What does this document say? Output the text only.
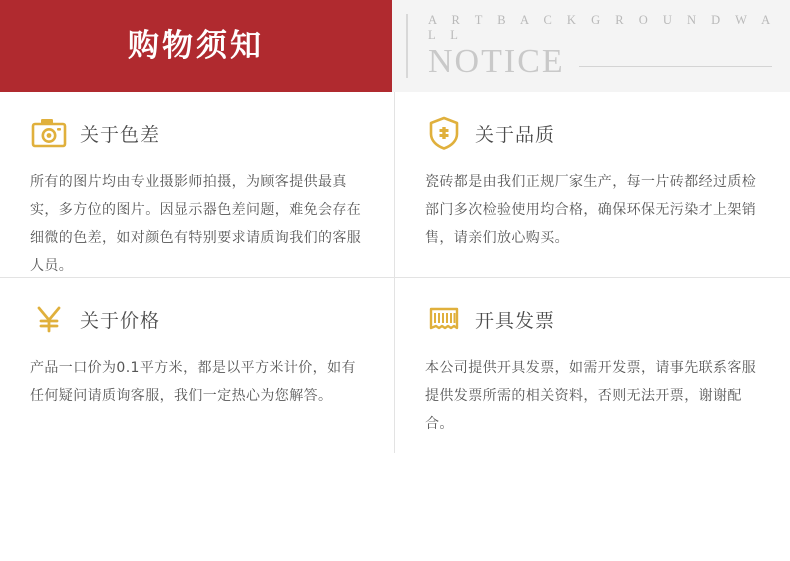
购物须知
A R T B A C K G R O U N D W A L L
NOTICE
关于色差
所有的图片均由专业摄影师拍摄，为顾客提供最真实，多方位的图片。因显示器色差问题，难免会存在细微的色差，如对颜色有特别要求请质询我们的客服人员。
关于品质
瓷砖都是由我们正规厂家生产，每一片砖都经过质检部门多次检验使用均合格，确保环保无污染才上架销售，请亲们放心购买。
关于价格
产品一口价为0.1平方米，都是以平方米计价，如有任何疑问请质询客服，我们一定热心为您解答。
开具发票
本公司提供开具发票，如需开发票，请事先联系客服提供发票所需的相关资料，否则无法开票，谢谢配合。
